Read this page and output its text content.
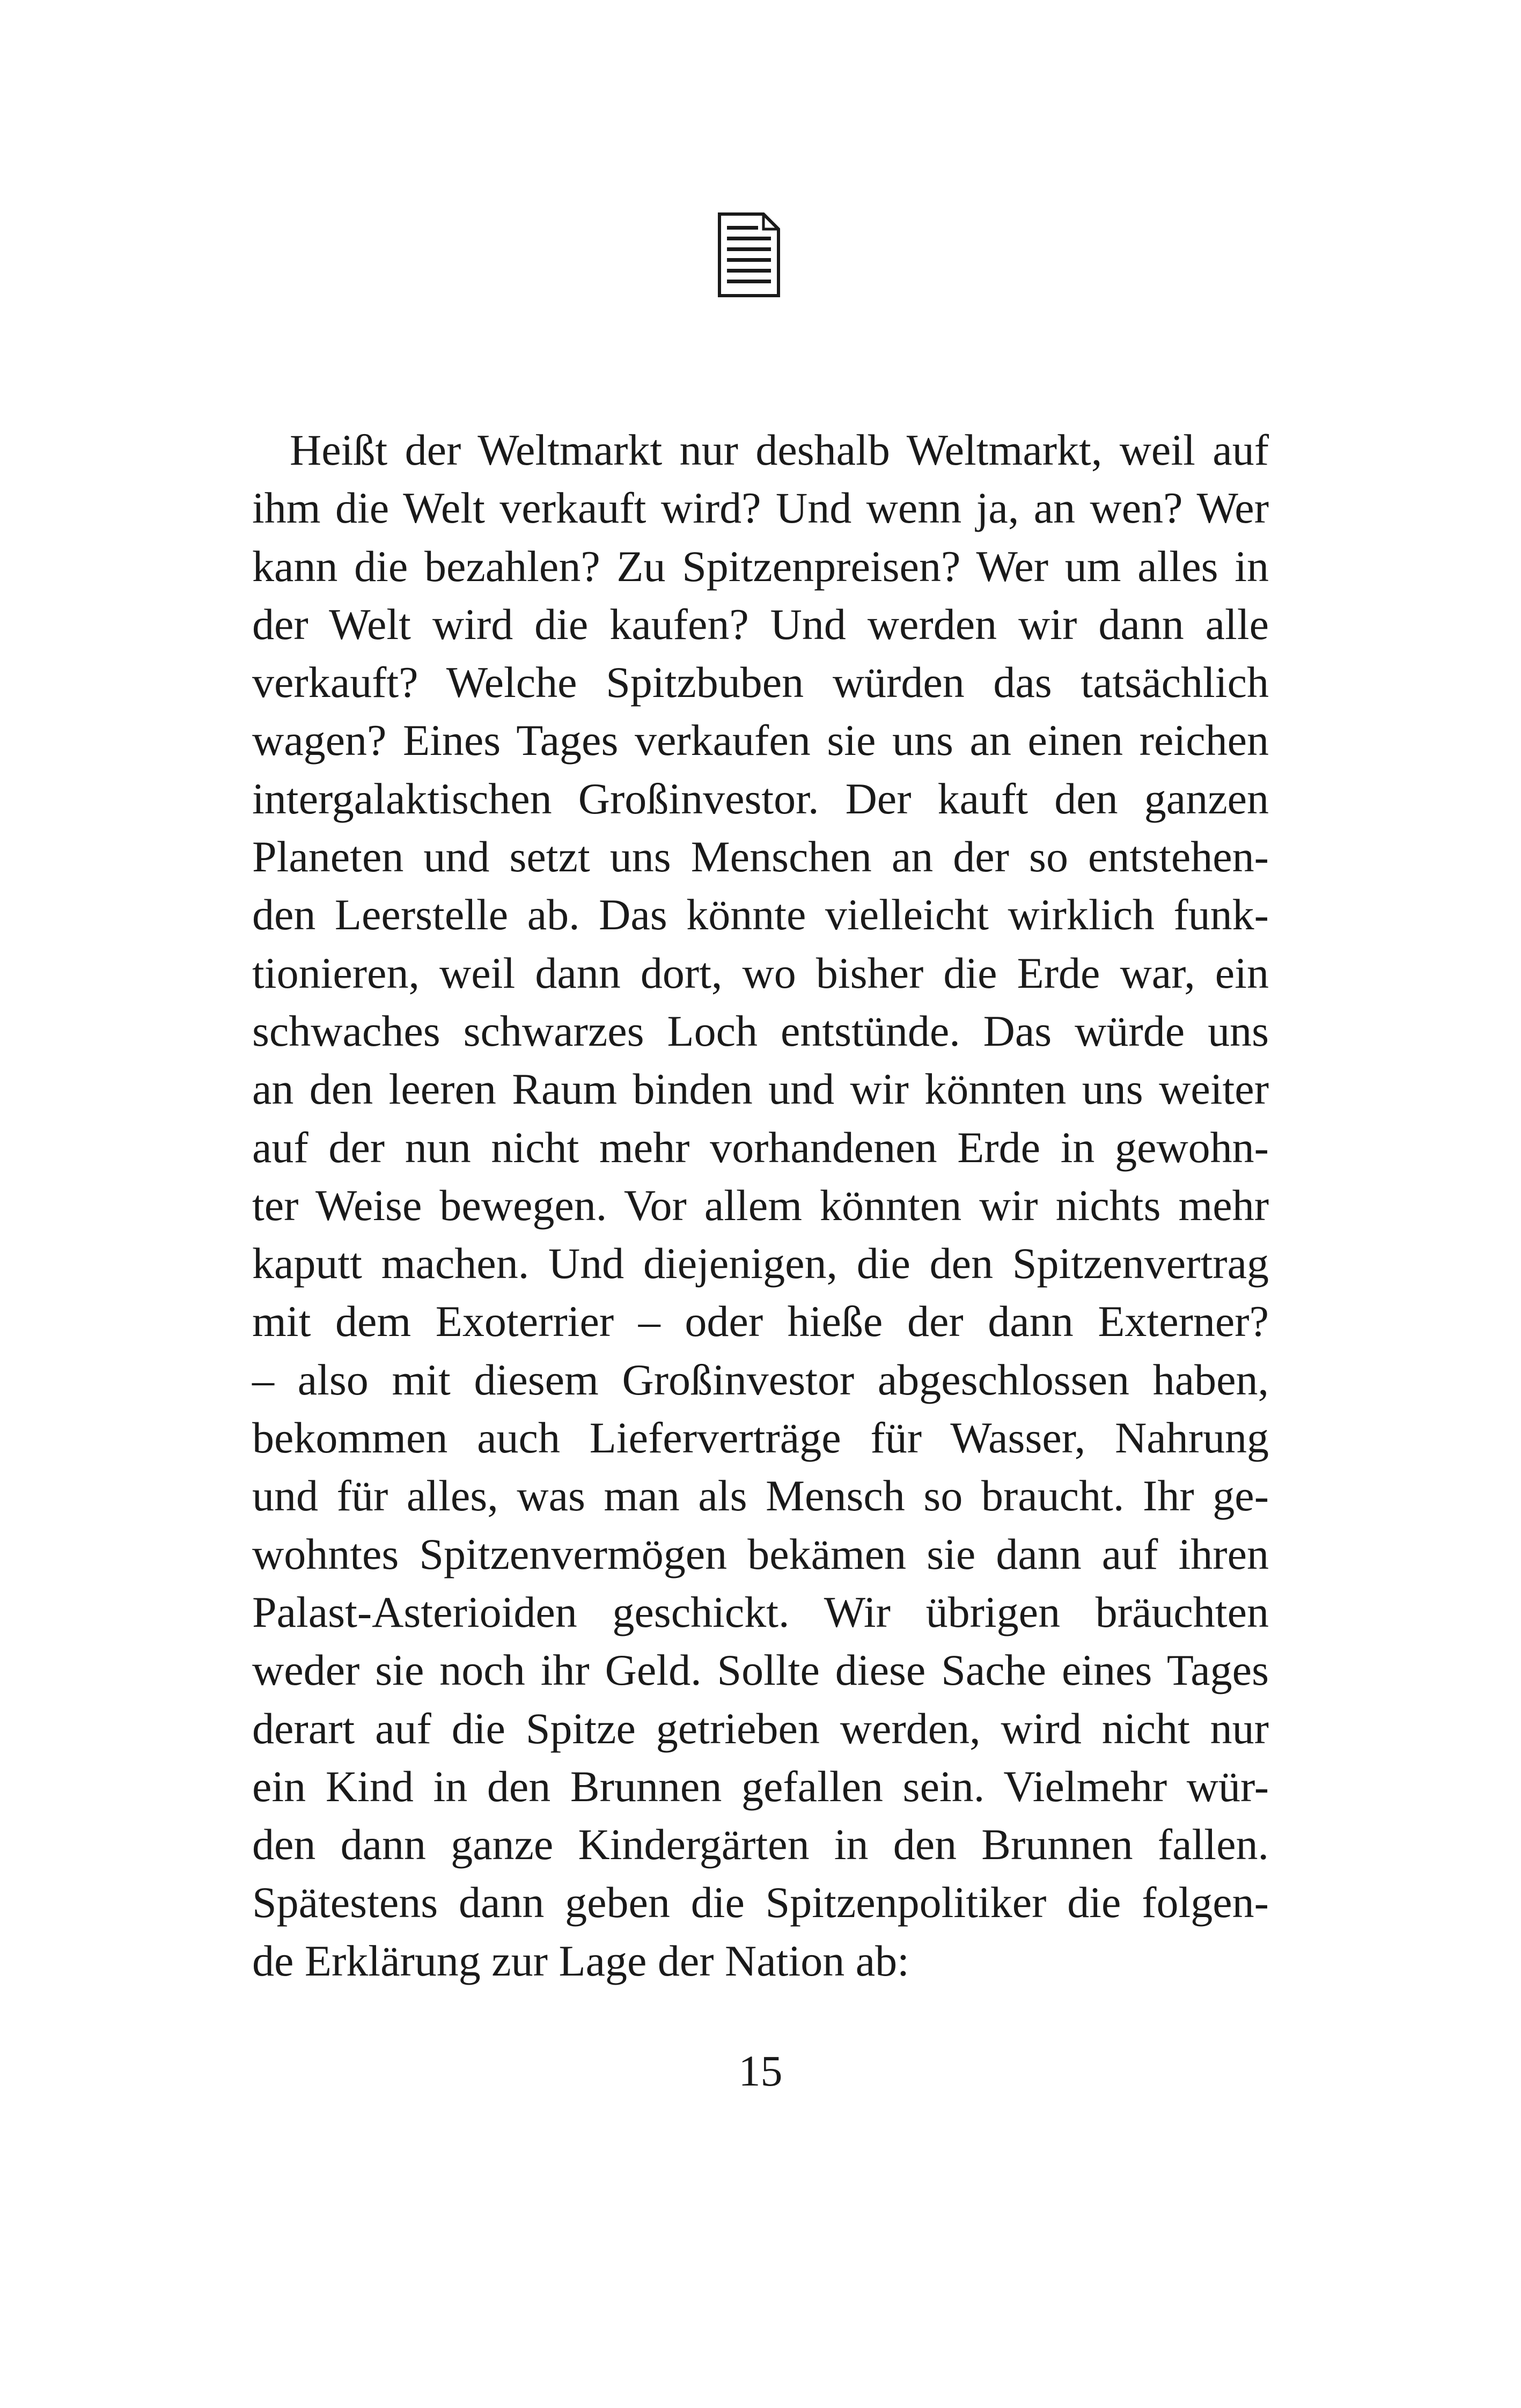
Heißt der Weltmarkt nur deshalb Weltmarkt, weil auf
ihm die Welt verkauft wird? Und wenn ja, an wen? Wer
kann die bezahlen? Zu Spitzenpreisen? Wer um alles in
der Welt wird die kaufen? Und werden wir dann alle
verkauft? Welche Spitzbuben würden das tatsächlich
wagen? Eines Tages verkaufen sie uns an einen reichen
intergalaktischen Großinvestor. Der kauft den ganzen
Planeten und setzt uns Menschen an der so entstehen-
den Leerstelle ab. Das könnte vielleicht wirklich funk-
tionieren, weil dann dort, wo bisher die Erde war, ein
schwaches schwarzes Loch entstünde. Das würde uns
an den leeren Raum binden und wir könnten uns weiter
auf der nun nicht mehr vorhandenen Erde in gewohn-
ter Weise bewegen. Vor allem könnten wir nichts mehr
kaputt machen. Und diejenigen, die den Spitzenvertrag
mit dem Exoterrier – oder hieße der dann Externer?
– also mit diesem Großinvestor abgeschlossen haben,
bekommen auch Lieferverträge für Wasser, Nahrung
und für alles, was man als Mensch so braucht. Ihr ge-
wohntes Spitzenvermögen bekämen sie dann auf ihren
Palast-Asterioiden geschickt. Wir übrigen bräuchten
weder sie noch ihr Geld. Sollte diese Sache eines Tages
derart auf die Spitze getrieben werden, wird nicht nur
ein Kind in den Brunnen gefallen sein. Vielmehr wür-
den dann ganze Kindergärten in den Brunnen fallen.
Spätestens dann geben die Spitzenpolitiker die folgen-
de Erklärung zur Lage der Nation ab:
15
